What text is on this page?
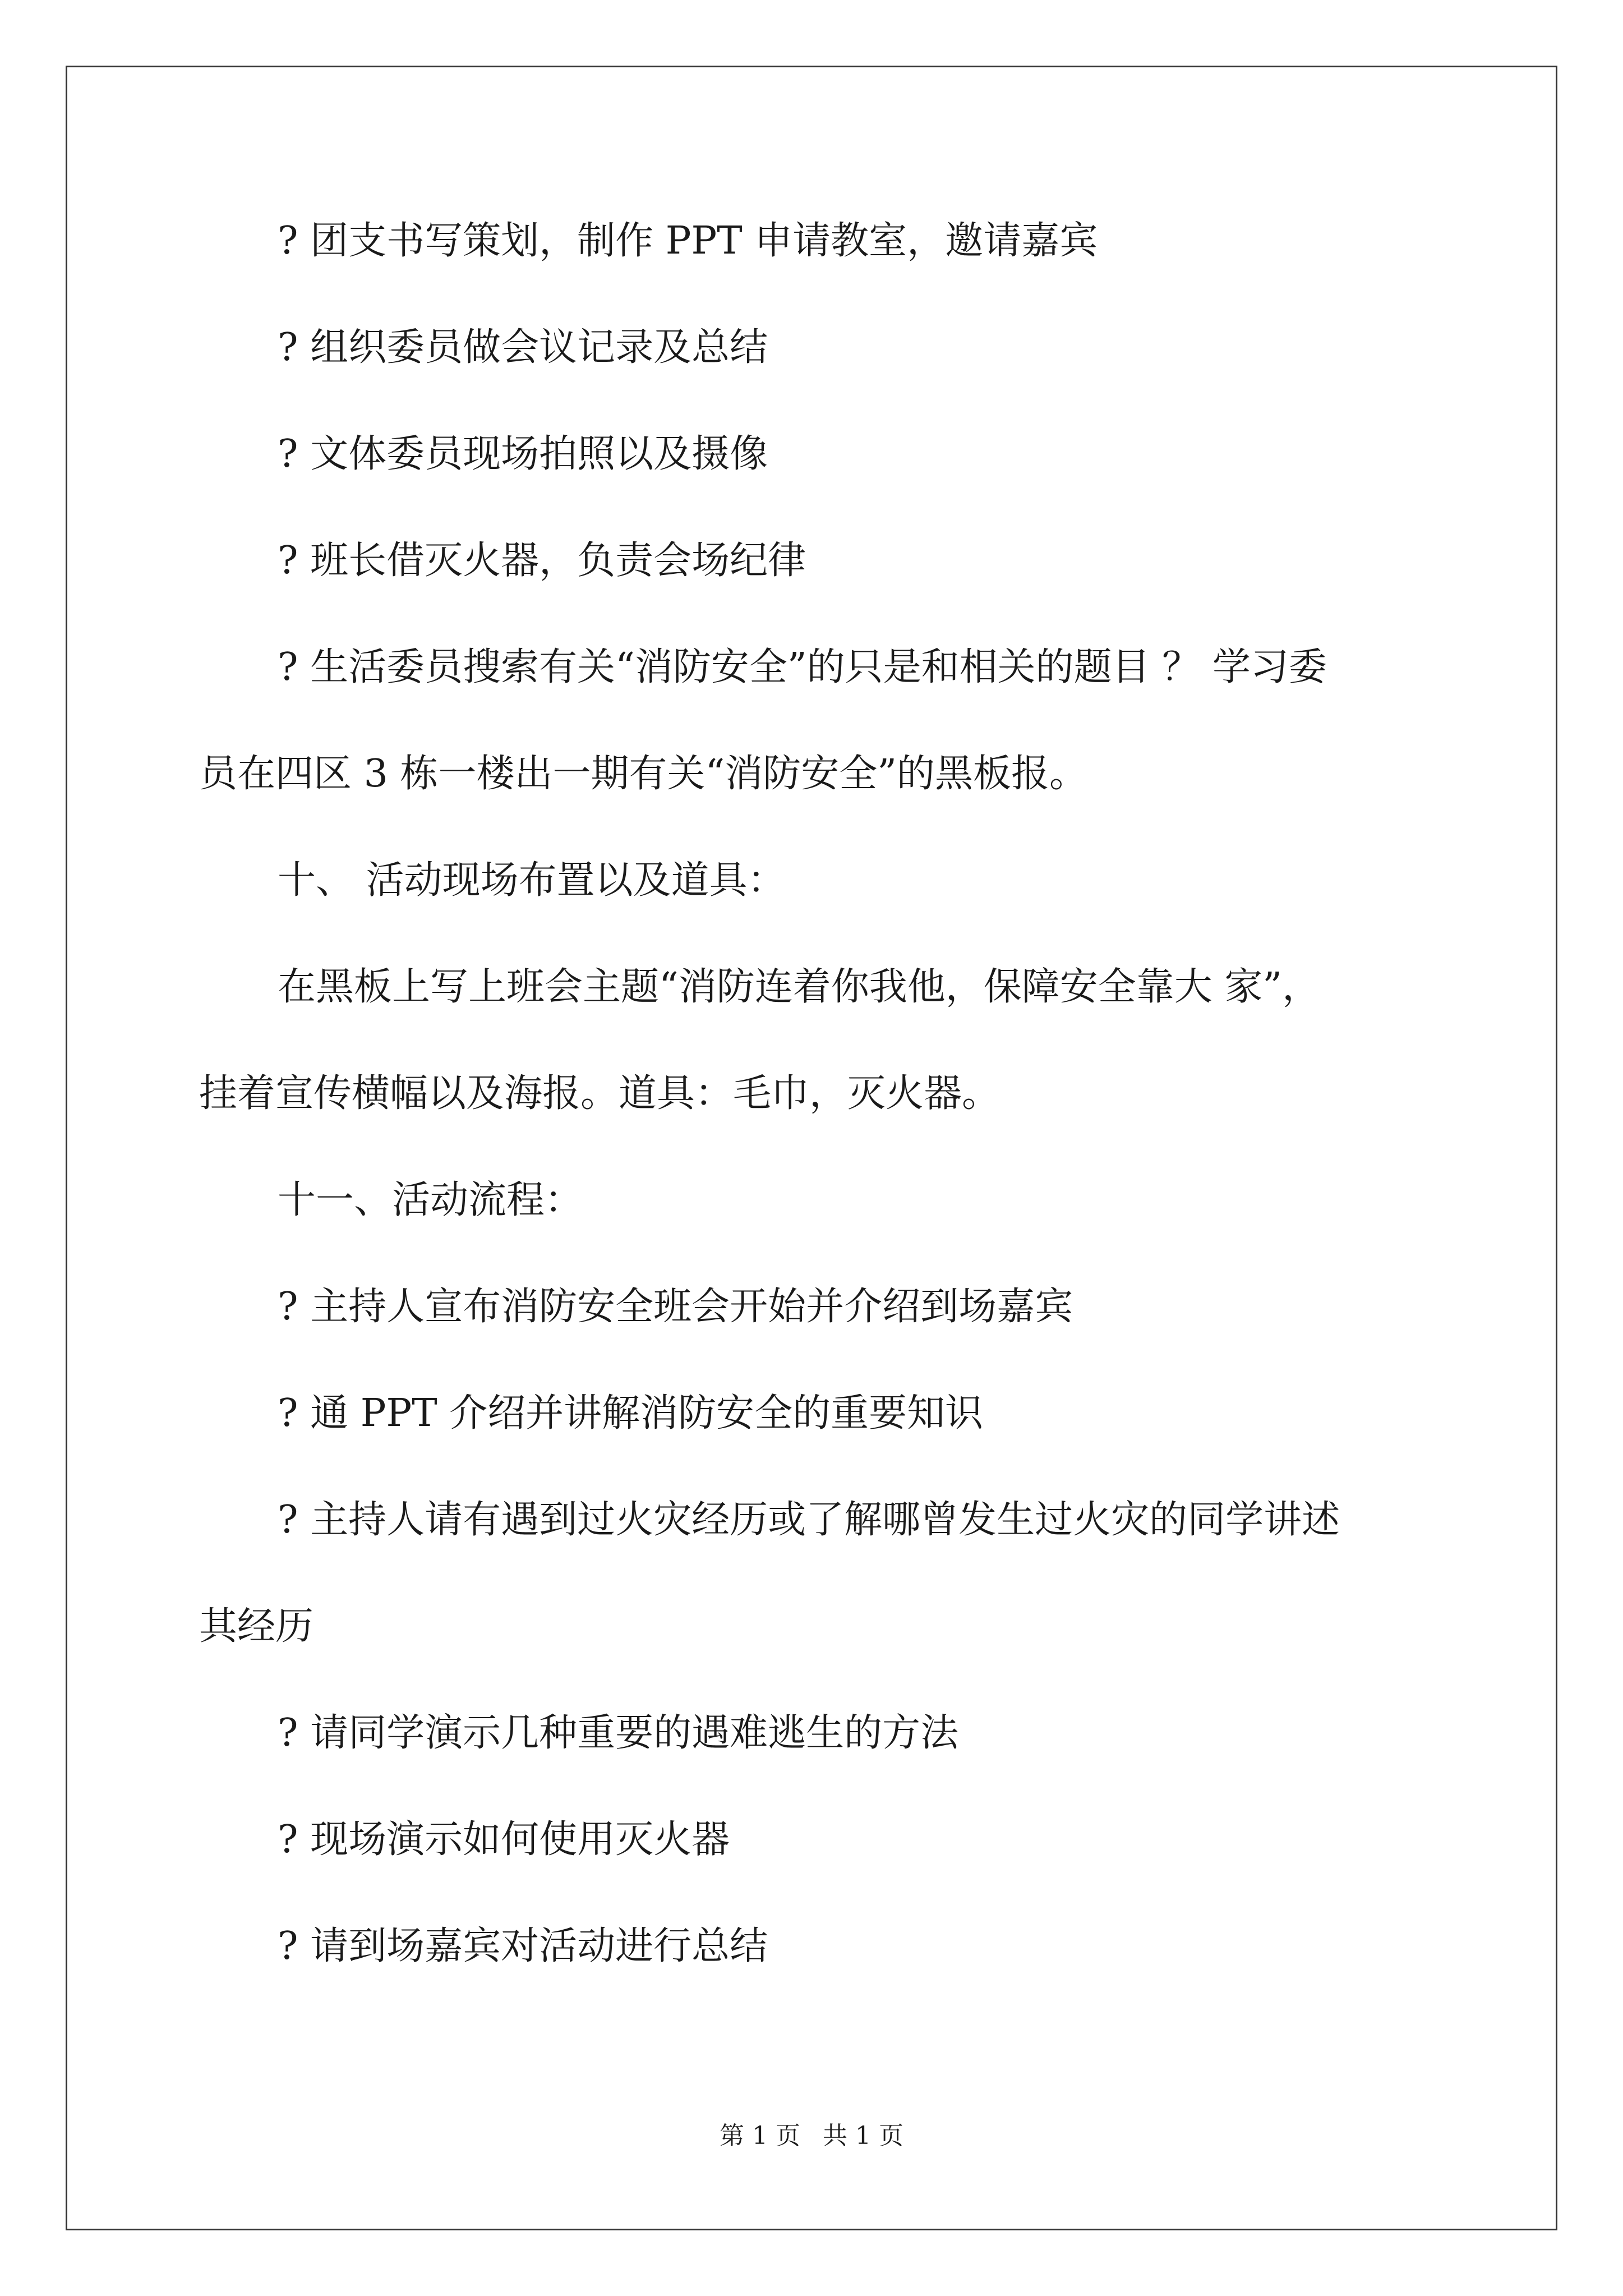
? 团支书写策划，制作 PPT 申请教室，邀请嘉宾
? 组织委员做会议记录及总结
? 文体委员现场拍照以及摄像
? 班长借灭火器，负责会场纪律
? 生活委员搜索有关“消防安全”的只是和相关的题目 ？ 学习委
员在四区 3 栋一楼出一期有关“消防安全”的黑板报。
十、 活动现场布置以及道具：
在黑板上写上班会主题“消防连着你我他，保障安全靠大 家”，
挂着宣传横幅以及海报。道具：毛巾，灭火器。
十一、活动流程：
? 主持人宣布消防安全班会开始并介绍到场嘉宾
? 通 PPT 介绍并讲解消防安全的重要知识
? 主持人请有遇到过火灾经历或了解哪曾发生过火灾的同学讲述
其经历
? 请同学演示几种重要的遇难逃生的方法
? 现场演示如何使用灭火器
? 请到场嘉宾对活动进行总结
第 1 页 共 1 页
